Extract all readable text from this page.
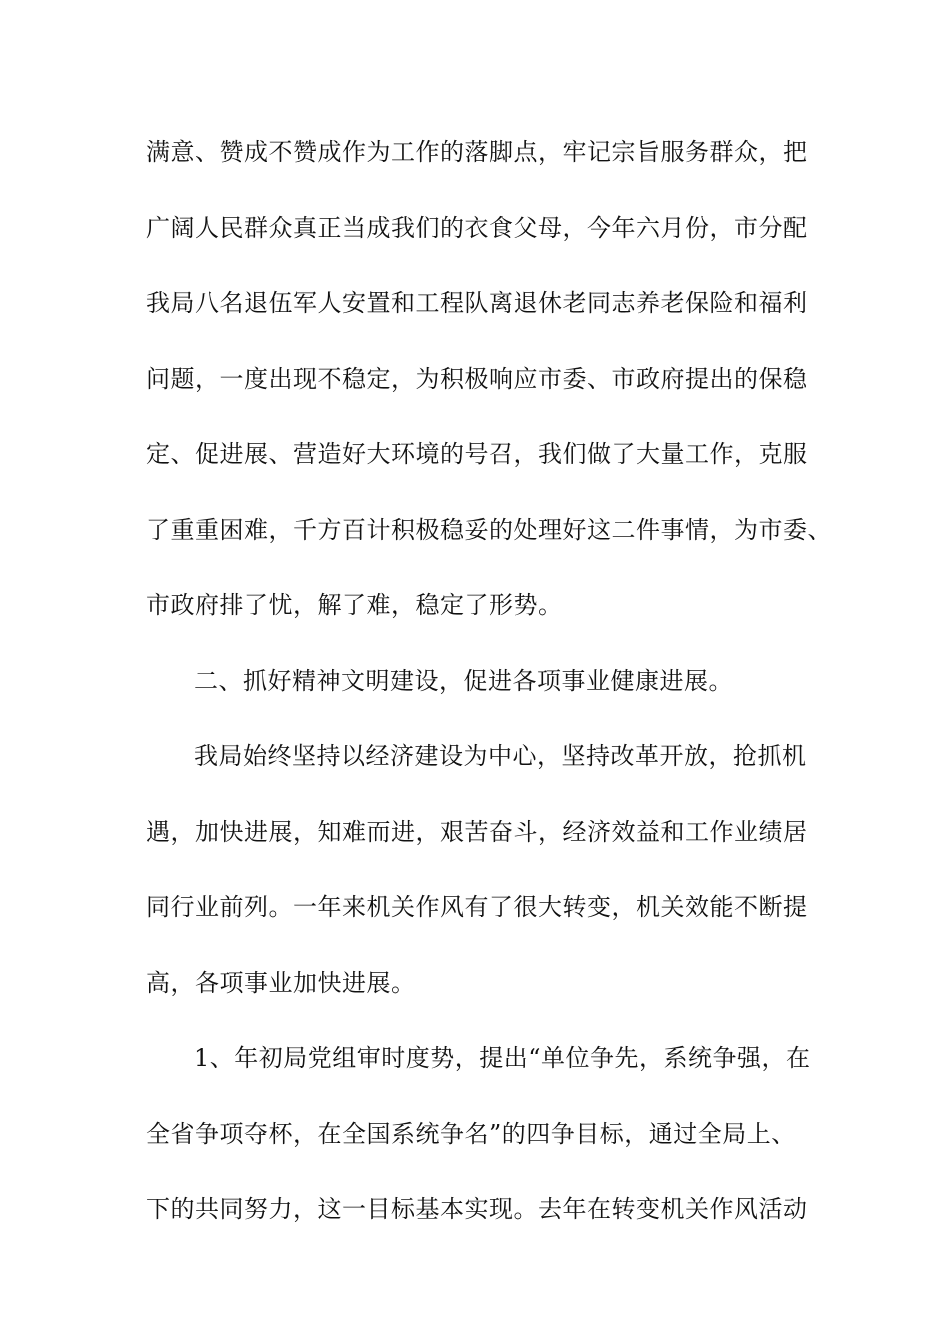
满意、赞成不赞成作为工作的落脚点，牢记宗旨服务群众，把
广阔人民群众真正当成我们的衣食父母，今年六月份，市分配
我局八名退伍军人安置和工程队离退休老同志养老保险和福利
问题，一度出现不稳定，为积极响应市委、市政府提出的保稳
定、促进展、营造好大环境的号召，我们做了大量工作，克服
了重重困难，千方百计积极稳妥的处理好这二件事情，为市委、
市政府排了忧，解了难，稳定了形势。
二、抓好精神文明建设，促进各项事业健康进展。
我局始终坚持以经济建设为中心，坚持改革开放，抢抓机
遇，加快进展，知难而进，艰苦奋斗，经济效益和工作业绩居
同行业前列。一年来机关作风有了很大转变，机关效能不断提
高，各项事业加快进展。
1、年初局党组审时度势，提出“单位争先，系统争强，在
全省争项夺杯，在全国系统争名”的四争目标，通过全局上、
下的共同努力，这一目标基本实现。去年在转变机关作风活动
